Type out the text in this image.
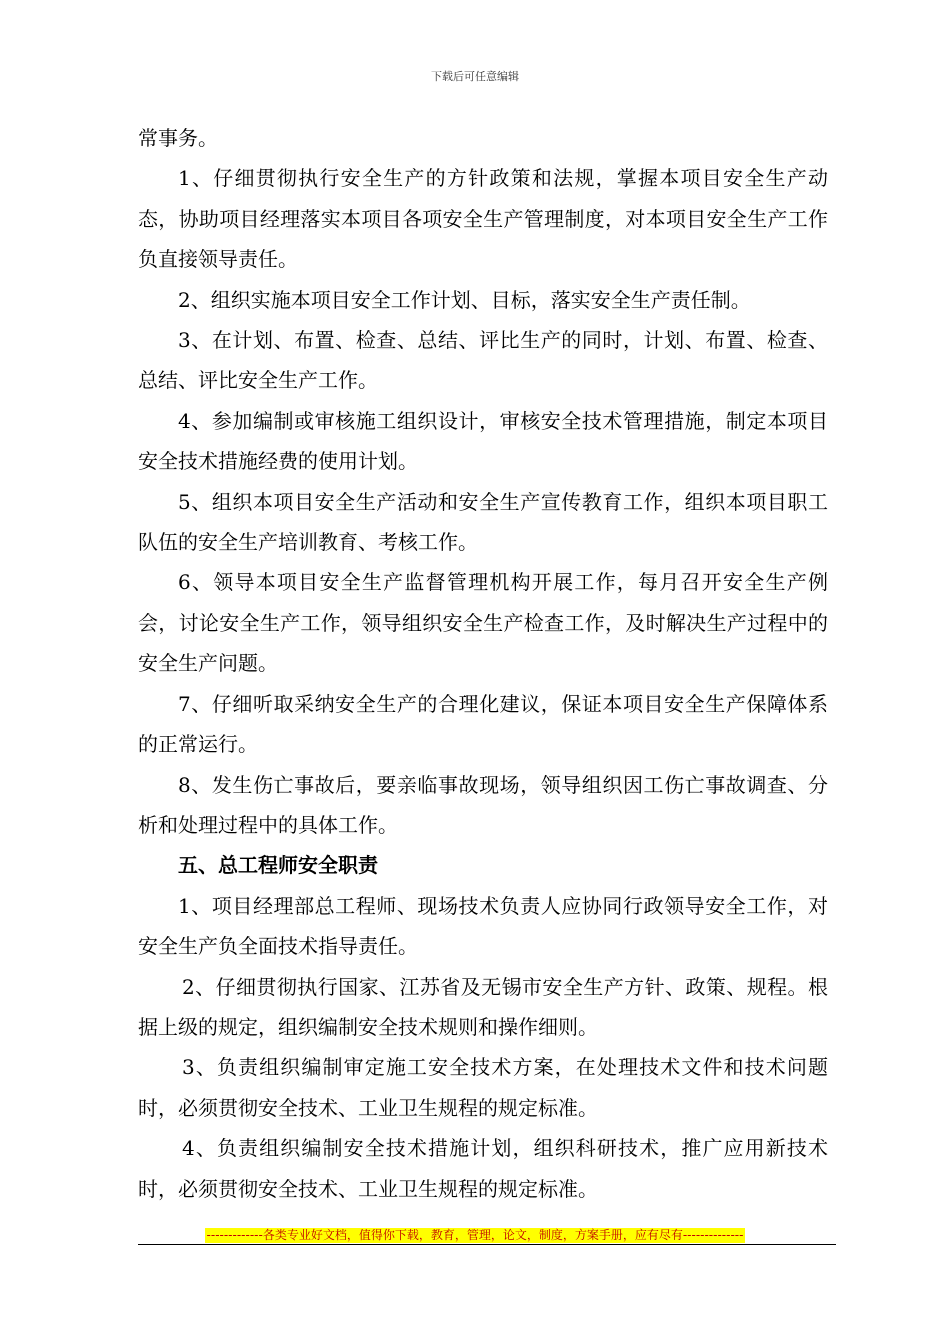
下载后可任意编辑

常事务。

1、仔细贯彻执行安全生产的方针政策和法规，掌握本项目安全生产动态，协助项目经理落实本项目各项安全生产管理制度，对本项目安全生产工作负直接领导责任。

2、组织实施本项目安全工作计划、目标，落实安全生产责任制。

3、在计划、布置、检查、总结、评比生产的同时，计划、布置、检查、总结、评比安全生产工作。

4、参加编制或审核施工组织设计，审核安全技术管理措施，制定本项目安全技术措施经费的使用计划。

5、组织本项目安全生产活动和安全生产宣传教育工作，组织本项目职工队伍的安全生产培训教育、考核工作。

6、领导本项目安全生产监督管理机构开展工作，每月召开安全生产例会，讨论安全生产工作，领导组织安全生产检查工作，及时解决生产过程中的安全生产问题。

7、仔细听取采纳安全生产的合理化建议，保证本项目安全生产保障体系的正常运行。

8、发生伤亡事故后，要亲临事故现场，领导组织因工伤亡事故调查、分析和处理过程中的具体工作。

五、总工程师安全职责

1、项目经理部总工程师、现场技术负责人应协同行政领导安全工作，对安全生产负全面技术指导责任。

2、仔细贯彻执行国家、江苏省及无锡市安全生产方针、政策、规程。根据上级的规定，组织编制安全技术规则和操作细则。

3、负责组织编制审定施工安全技术方案，在处理技术文件和技术问题时，必须贯彻安全技术、工业卫生规程的规定标准。

4、负责组织编制安全技术措施计划，组织科研技术，推广应用新技术时，必须贯彻安全技术、工业卫生规程的规定标准。

-------------各类专业好文档，值得你下载，教育，管理，论文，制度，方案手册，应有尽有--------------
